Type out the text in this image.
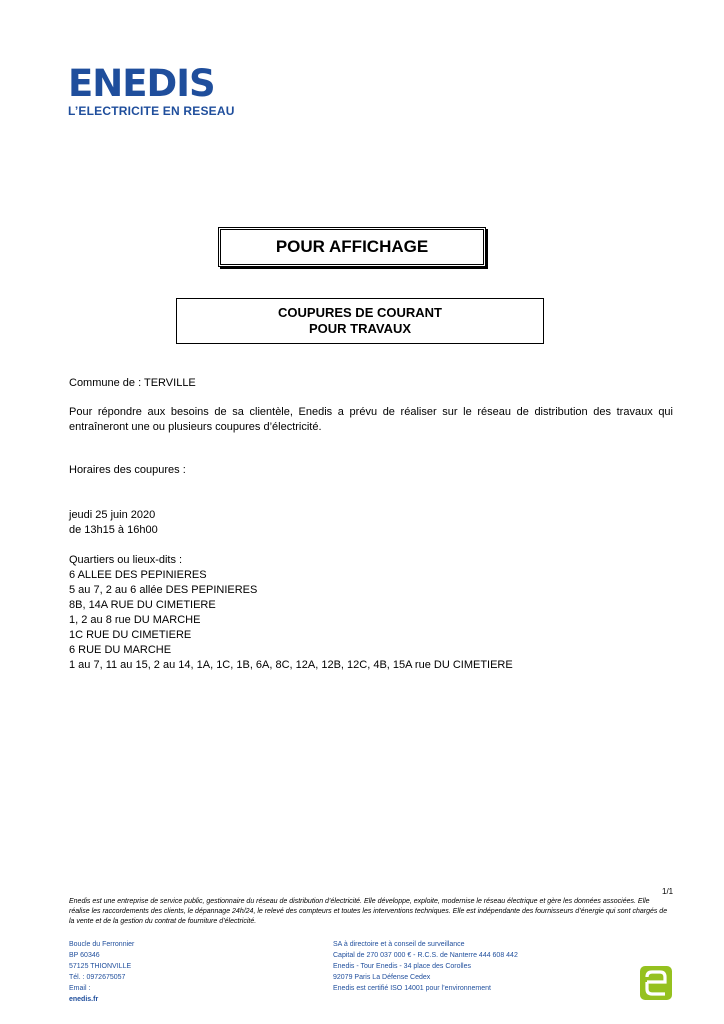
ENEDIS
L’ELECTRICITE EN RESEAU
POUR AFFICHAGE
COUPURES DE COURANT
POUR TRAVAUX
Commune de : TERVILLE
Pour répondre aux besoins de sa clientèle, Enedis a prévu de réaliser sur le réseau de distribution des travaux qui entraîneront une ou plusieurs coupures d’électricité.
Horaires des coupures :
jeudi 25 juin 2020
de 13h15 à 16h00
Quartiers ou lieux-dits :
6 ALLEE DES PEPINIERES
5 au 7, 2 au 6 allée DES PEPINIERES
8B, 14A RUE DU CIMETIERE
1, 2 au 8 rue DU MARCHE
1C RUE DU CIMETIERE
6 RUE DU MARCHE
1 au 7, 11 au 15, 2 au 14, 1A, 1C, 1B, 6A, 8C, 12A, 12B, 12C, 4B, 15A rue DU CIMETIERE
1/1
Enedis est une entreprise de service public, gestionnaire du réseau de distribution d’électricité. Elle développe, exploite, modernise le réseau électrique et gère les données associées. Elle réalise les raccordements des clients, le dépannage 24h/24, le relevé des compteurs et toutes les interventions techniques. Elle est indépendante des fournisseurs d’énergie qui sont chargés de la vente et de la gestion du contrat de fourniture d’électricité.
Boucle du Ferronnier
BP 60346
57125 THIONVILLE
Tél. : 0972675057
Email :
enedis.fr
SA à directoire et à conseil de surveillance
Capital de 270 037 000 € - R.C.S. de Nanterre 444 608 442
Enedis - Tour Enedis - 34 place des Corolles
92079 Paris La Défense Cedex
Enedis est certifié ISO 14001 pour l’environnement
